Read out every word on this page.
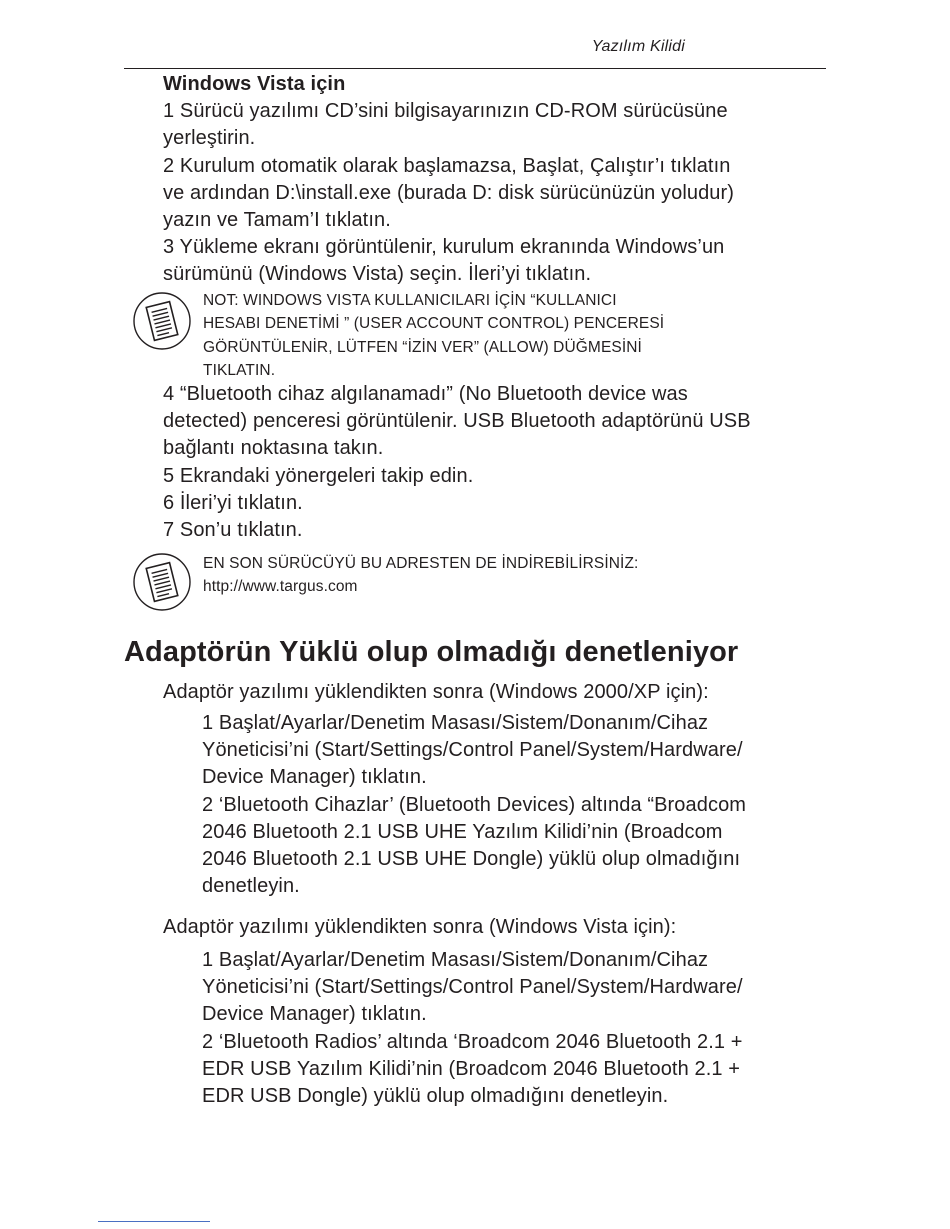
Yazılım Kilidi
Windows Vista için
1 Sürücü yazılımı CD’sini bilgisayarınızın CD-ROM sürücüsüne
yerleştirin.
2 Kurulum otomatik olarak başlamazsa, Başlat, Çalıştır’ı tıklatın
ve ardından D:\install.exe (burada D: disk sürücünüzün yoludur)
yazın ve Tamam’I tıklatın.
3 Yükleme ekranı görüntülenir, kurulum ekranında Windows’un
sürümünü (Windows Vista) seçin. İleri’yi tıklatın.
NOT: WINDOWS VISTA KULLANICILARI İÇİN “KULLANICI
HESABI DENETİMİ ” (USER ACCOUNT CONTROL) PENCERESİ
GÖRÜNTÜLENİR, LÜTFEN “İZİN VER” (ALLOW) DÜĞMESİNİ
TIKLATIN.
4 “Bluetooth cihaz algılanamadı” (No Bluetooth device was
detected) penceresi görüntülenir. USB Bluetooth adaptörünü USB
bağlantı noktasına takın.
5 Ekrandaki yönergeleri takip edin.
6 İleri’yi tıklatın.
7 Son’u tıklatın.
EN SON SÜRÜCÜYÜ BU ADRESTEN DE İNDİREBİLİRSİNİZ:
http://www.targus.com
Adaptörün Yüklü olup olmadığı denetleniyor
Adaptör yazılımı yüklendikten sonra (Windows 2000/XP için):
1 Başlat/Ayarlar/Denetim Masası/Sistem/Donanım/Cihaz
Yöneticisi’ni (Start/Settings/Control Panel/System/Hardware/
Device Manager) tıklatın.
2 ‘Bluetooth Cihazlar’ (Bluetooth Devices) altında “Broadcom
2046 Bluetooth 2.1 USB UHE Yazılım Kilidi’nin (Broadcom
2046 Bluetooth 2.1 USB UHE Dongle) yüklü olup olmadığını
denetleyin.
Adaptör yazılımı yüklendikten sonra (Windows Vista için):
1 Başlat/Ayarlar/Denetim Masası/Sistem/Donanım/Cihaz
Yöneticisi’ni (Start/Settings/Control Panel/System/Hardware/
Device Manager) tıklatın.
2 ‘Bluetooth Radios’ altında ‘Broadcom 2046 Bluetooth 2.1 +
EDR USB Yazılım Kilidi’nin (Broadcom 2046 Bluetooth 2.1 +
EDR USB Dongle) yüklü olup olmadığını denetleyin.
